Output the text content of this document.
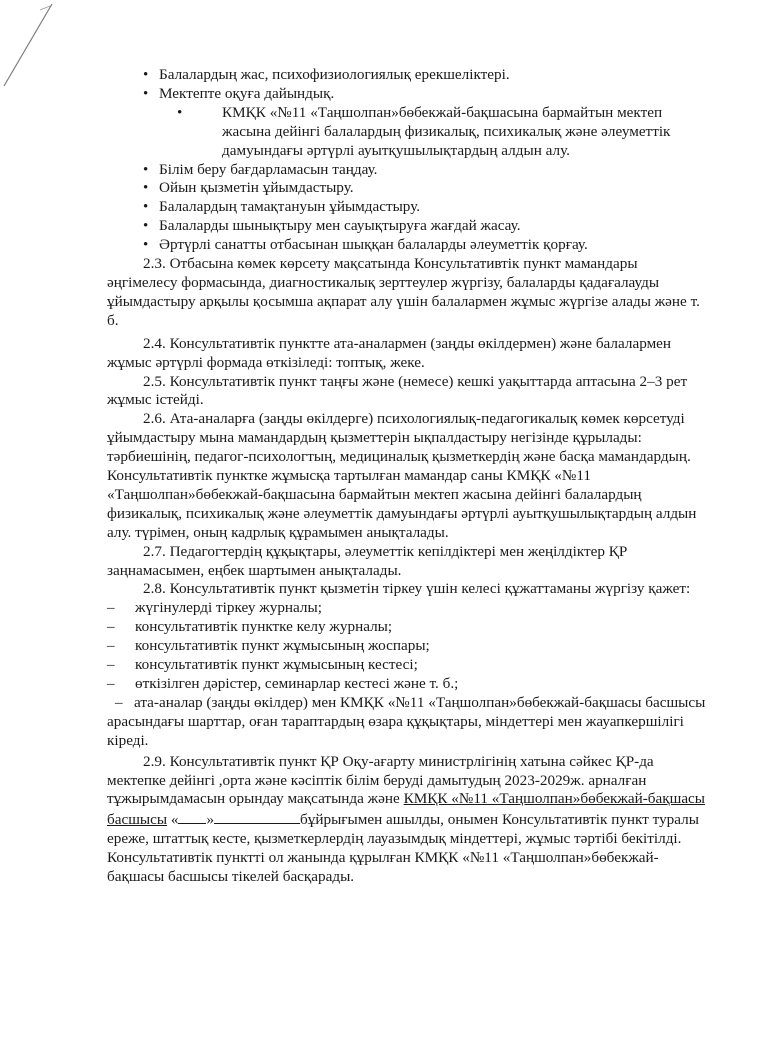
• Балалардың жас, психофизиологиялық ерекшеліктері.
• Мектепте оқуға дайындық.
• КМҚК «№11 «Таңшолпан»бөбекжай-бақшасына бармайтын мектеп жасына дейінгі балалардың физикалық, психикалық және әлеуметтік дамуындағы әртүрлі ауытқушылықтардың алдын алу.
• Білім беру бағдарламасын таңдау.
• Ойын қызметін ұйымдастыру.
• Балалардың тамақтануын ұйымдастыру.
• Балаларды шынықтыру мен сауықтыруға жағдай жасау.
• Әртүрлі санатты отбасынан шыққан балаларды әлеуметтік қорғау.

2.3. Отбасына көмек көрсету мақсатында Консультативтік пункт мамандары әңгімелесу формасында, диагностикалық зерттеулер жүргізу, балаларды қадағалауды ұйымдастыру арқылы қосымша ақпарат алу үшін балалармен жұмыс жүргізе алады және т. б.

2.4. Консультативтік пунктте ата-аналармен (заңды өкілдермен) және балалармен жұмыс әртүрлі формада өткізіледі: топтық, жеке.

2.5. Консультативтік пункт таңғы және (немесе) кешкі уақыттарда аптасына 2–3 рет жұмыс істейді.

2.6. Ата-аналарға (заңды өкілдерге) психологиялық-педагогикалық көмек көрсетуді ұйымдастыру мына мамандардың қызметтерін ықпалдастыру негізінде құрылады: тәрбиешінің, педагог-психологтың, медициналық қызметкердің және басқа мамандардың. Консультативтік пунктке жұмысқа тартылған мамандар саны КМҚК «№11 «Таңшолпан»бөбекжай-бақшасына бармайтын мектеп жасына дейінгі балалардың физикалық, психикалық және әлеуметтік дамуындағы әртүрлі ауытқушылықтардың алдын алу. түрімен, оның кадрлық құрамымен анықталады.

2.7. Педагогтердің құқықтары, әлеуметтік кепілдіктері мен жеңілдіктер ҚР заңнамасымен, еңбек шартымен анықталады.

2.8. Консультативтік пункт қызметін тіркеу үшін келесі құжаттаманы жүргізу қажет:

– жүгінулерді тіркеу журналы;

– консультативтік пунктке келу журналы;

– консультативтік пункт жұмысының жоспары;

– консультативтік пункт жұмысының кестесі;

– өткізілген дәрістер, семинарлар кестесі және т. б.;

– ата-аналар (заңды өкілдер) мен КМҚК «№11 «Таңшолпан»бөбекжай-бақшасы басшысы арасындағы шарттар, оған тараптардың өзара құқықтары, міндеттері мен жауапкершілігі кіреді.

2.9. Консультативтік пункт ҚР Оқу-ағарту министрлігінің хатына сәйкес ҚР-да мектепке дейінгі ,орта және кәсіптік білім беруді дамытудың 2023-2029ж. арналған тұжырымдамасын орындау мақсатында және КМҚК «№11 «Таңшолпан»бөбекжай-бақшасы басшысы « »	бұйрығымен ашылды, онымен Консультативтік пункт туралы ереже, штаттық кесте, қызметкерлердің лауазымдық міндеттері, жұмыс тәртібі бекітілді. Консультативтік пунктті ол жанында құрылған КМҚК «№11 «Таңшолпан»бөбекжай-бақшасы басшысы тікелей басқарады.
